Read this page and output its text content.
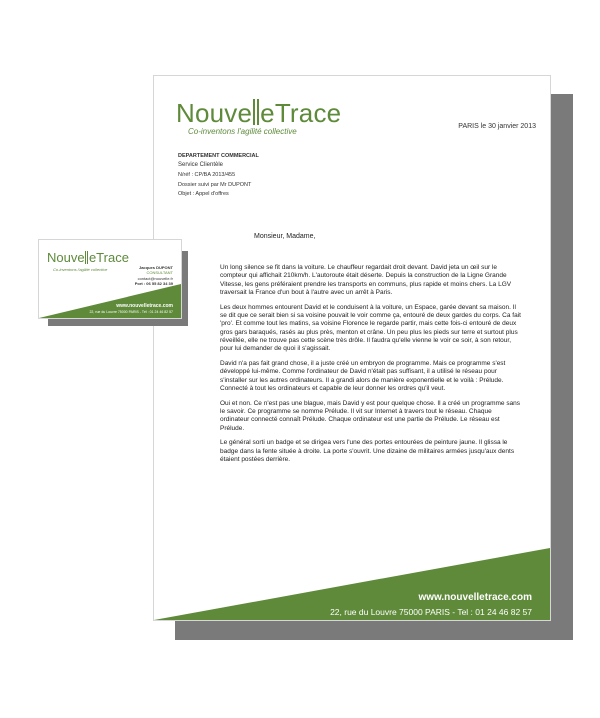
Nouve eTrace
Co-inventons l'agilité collective
PARIS le 30 janvier 2013
DEPARTEMENT COMMERCIAL
Service Clientèle
N/réf : CP/BA 2013/455
Dossier suivi par Mr DUPONT
Objet : Appel d'offres
Monsieur, Madame,

Un long silence se fit dans la voiture. Le chauffeur regardait droit devant. David jeta un œil sur le compteur qui affichait 210km/h. L'autoroute était déserte. Depuis la construction de la Ligne Grande Vitesse, les gens préféraient prendre les transports en communs, plus rapide et moins chers. La LGV traversait la France d'un bout à l'autre avec un arrêt à Paris.

Les deux hommes entourent David et le conduisent à la voiture, un Espace, garée devant sa maison. Il se dit que ce serait bien si sa voisine pouvait le voir comme ça, entouré de deux gardes du corps. Ca fait 'pro'. Et comme tout les matins, sa voisine Florence le regarde partir, mais cette fois-ci entouré de deux gros gars baraqués, rasés au plus près, menton et crâne. Un peu plus les pieds sur terre et surtout plus réveillée, elle ne trouve pas cette scène très drôle. Il faudra qu'elle vienne le voir ce soir, à son retour, pour lui demander de quoi il s'agissait.

David n'a pas fait grand chose, il a juste créé un embryon de programme. Mais ce programme s'est développé lui-même. Comme l'ordinateur de David n'était pas suffisant, il a utilisé le réseau pour s'installer sur les autres ordinateurs. Il a grandi alors de manière exponentielle et le voilà : Prélude. Connecté à tout les ordinateurs et capable de leur donner les ordres qu'il veut.

Oui et non. Ce n'est pas une blague, mais David y est pour quelque chose. Il a créé un programme sans le savoir. Ce programme se nomme Prélude. Il vit sur Internet à travers tout le réseau. Chaque ordinateur connecté connaît Prélude. Chaque ordinateur est une partie de Prélude. Le réseau est Prélude.

Le général sorti un badge et se dirigea vers l'une des portes entourées de peinture jaune. Il glissa le badge dans la fente située à droite. La porte s'ouvrit. Une dizaine de militaires armées jusqu'aux dents étaient postées derrière.

www.nouvelletrace.com
22, rue du Louvre 75000 PARIS - Tel : 01 24 46 82 57
Nouve eTrace
Co-inventons l'agilité collective	Jacques DUPONT
CONSULTANT
contact@nouvelle.fr
Port : 06 55 82 34 39
www.nouvelletrace.com
22, rue du Louvre 75000 PARIS - Tél : 01 24 46 82 57
